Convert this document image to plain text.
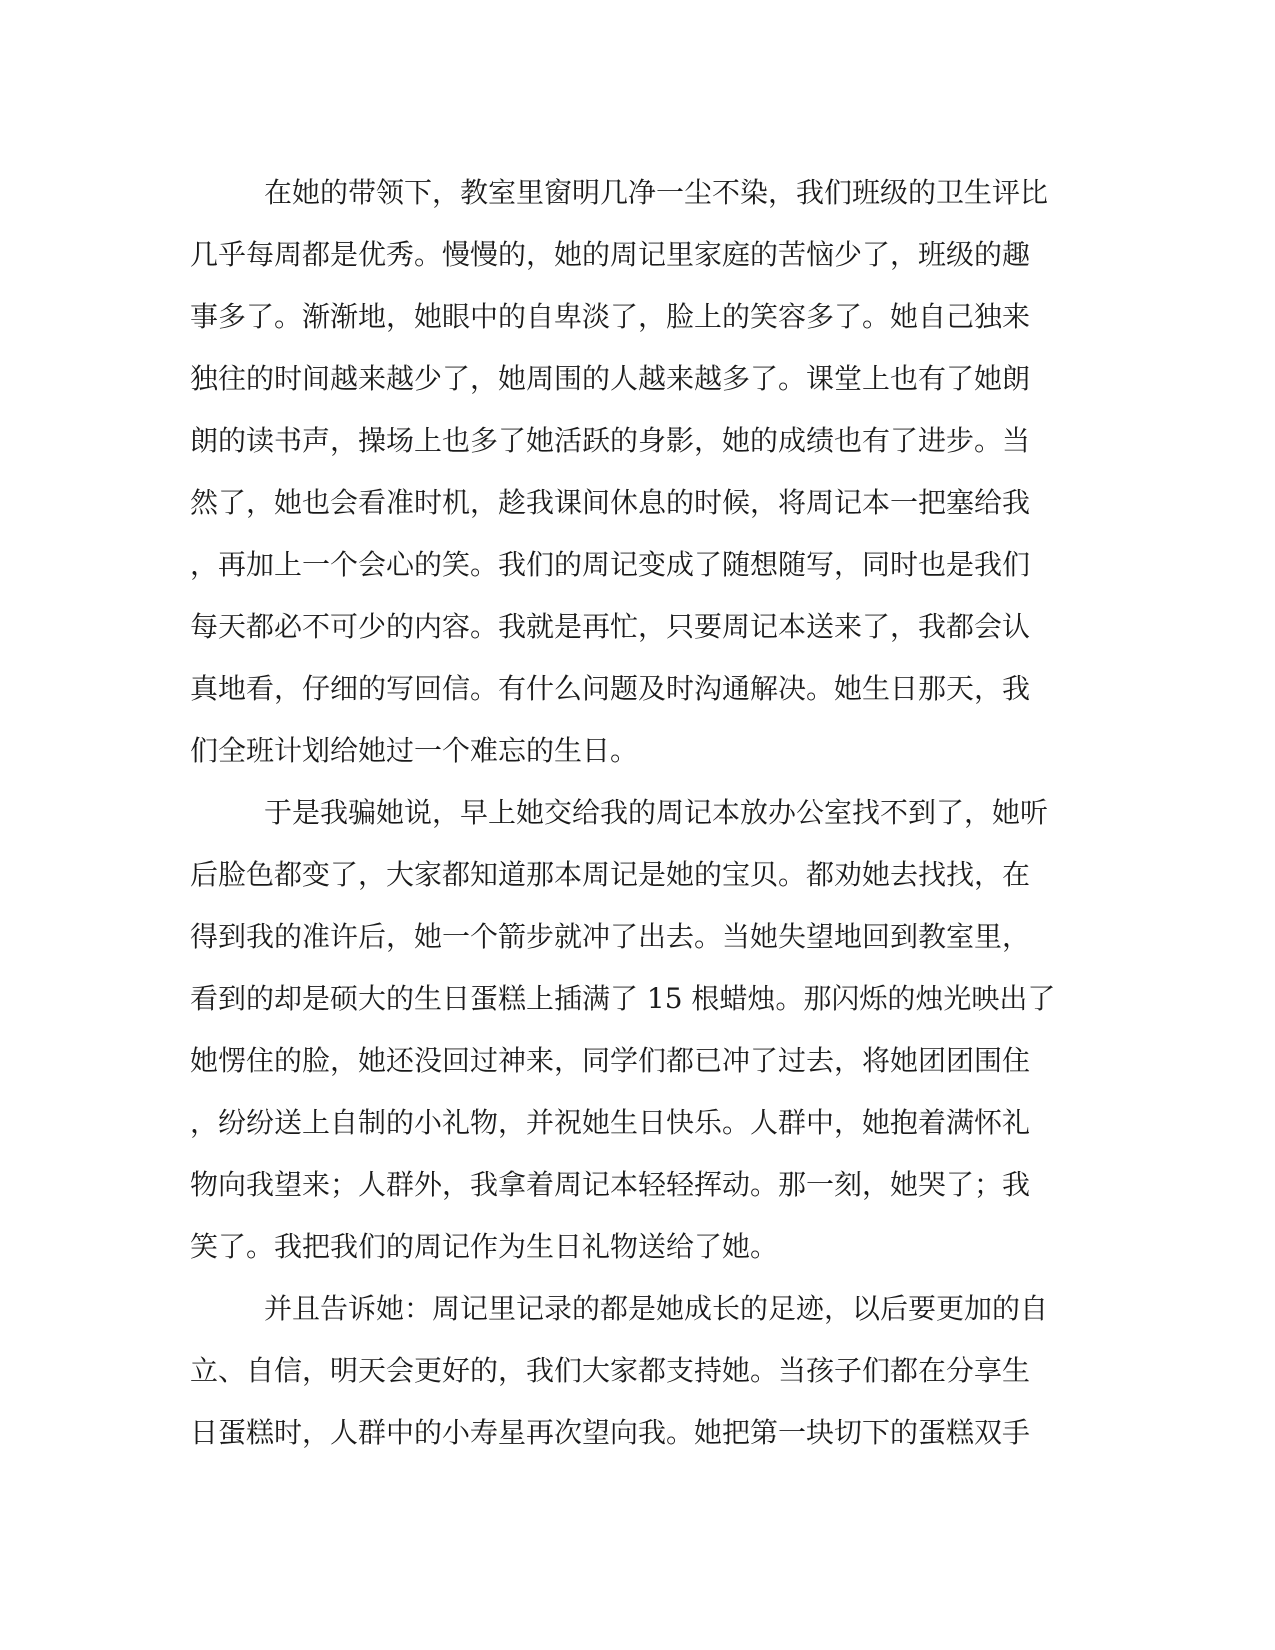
在她的带领下，教室里窗明几净一尘不染，我们班级的卫生评比
几乎每周都是优秀。慢慢的，她的周记里家庭的苦恼少了，班级的趣
事多了。渐渐地，她眼中的自卑淡了，脸上的笑容多了。她自己独来
独往的时间越来越少了，她周围的人越来越多了。课堂上也有了她朗
朗的读书声，操场上也多了她活跃的身影，她的成绩也有了进步。当
然了，她也会看准时机，趁我课间休息的时候，将周记本一把塞给我
，再加上一个会心的笑。我们的周记变成了随想随写，同时也是我们
每天都必不可少的内容。我就是再忙，只要周记本送来了，我都会认
真地看，仔细的写回信。有什么问题及时沟通解决。她生日那天，我
们全班计划给她过一个难忘的生日。
于是我骗她说，早上她交给我的周记本放办公室找不到了，她听
后脸色都变了，大家都知道那本周记是她的宝贝。都劝她去找找，在
得到我的准许后，她一个箭步就冲了出去。当她失望地回到教室里，
看到的却是硕大的生日蛋糕上插满了 15 根蜡烛。那闪烁的烛光映出了
她愣住的脸，她还没回过神来，同学们都已冲了过去，将她团团围住
，纷纷送上自制的小礼物，并祝她生日快乐。人群中，她抱着满怀礼
物向我望来；人群外，我拿着周记本轻轻挥动。那一刻，她哭了；我
笑了。我把我们的周记作为生日礼物送给了她。
并且告诉她：周记里记录的都是她成长的足迹，以后要更加的自
立、自信，明天会更好的，我们大家都支持她。当孩子们都在分享生
日蛋糕时，人群中的小寿星再次望向我。她把第一块切下的蛋糕双手
